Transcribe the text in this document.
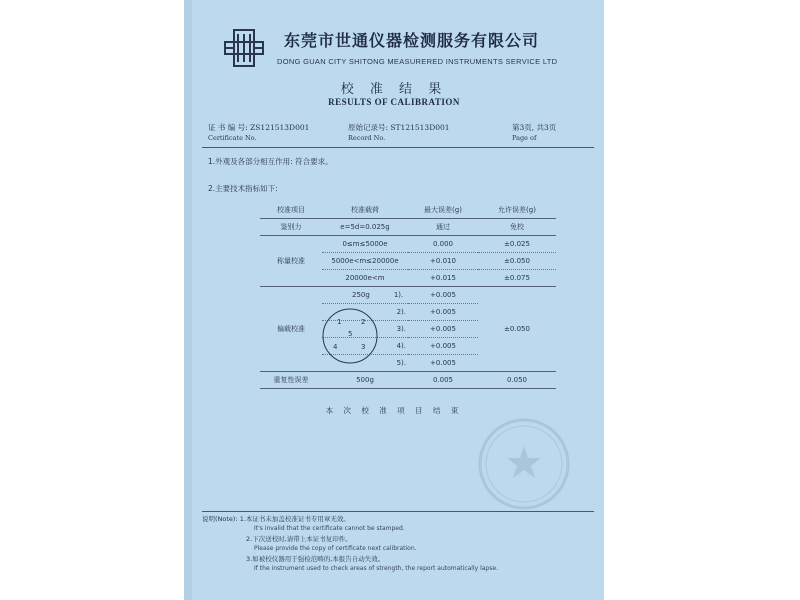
东莞市世通仪器检测服务有限公司
DONG GUAN CITY SHITONG MEASURERED INSTRUMENTS SERVICE LTD
校 准 结 果
RESULTS OF CALIBRATION
证 书 编 号: ZS121513D001
Certificate No.
原始记录号: ST121513D001
Record No.
第3页, 共3页
Page of
1.外观及各部分相互作用: 符合要求。
2.主要技术指标如下:
校准项目	校准载荷	最大误差(g)	允许误差(g)
鉴别力	e=5d=0.025g	通过	免校
称量校准	0≤m≤5000e	0.000	±0.025
	5000e<m≤20000e	+0.010	±0.050
	20000e<m	+0.015	±0.075
偏载校准	250g 1).	+0.005	±0.050
	2).	+0.005	
	3).	+0.005	
	4).	+0.005	
	5).	+0.005	
重复性误差	500g	0.005	0.050
1	2
5
4	3
本 次 校 准 项 目 结 束
说明(Note): 1.本证书未加盖校准证书专用章无效。
It's invalid that the certificate cannot be stamped.
2.下次送校时,请带上本证书复印件。
Please provide the copy of certificate next calibration.
3.如被校仪器用于强检范畴的,本报告自动失效。
If the instrument used to check areas of strength, the report automatically lapse.
